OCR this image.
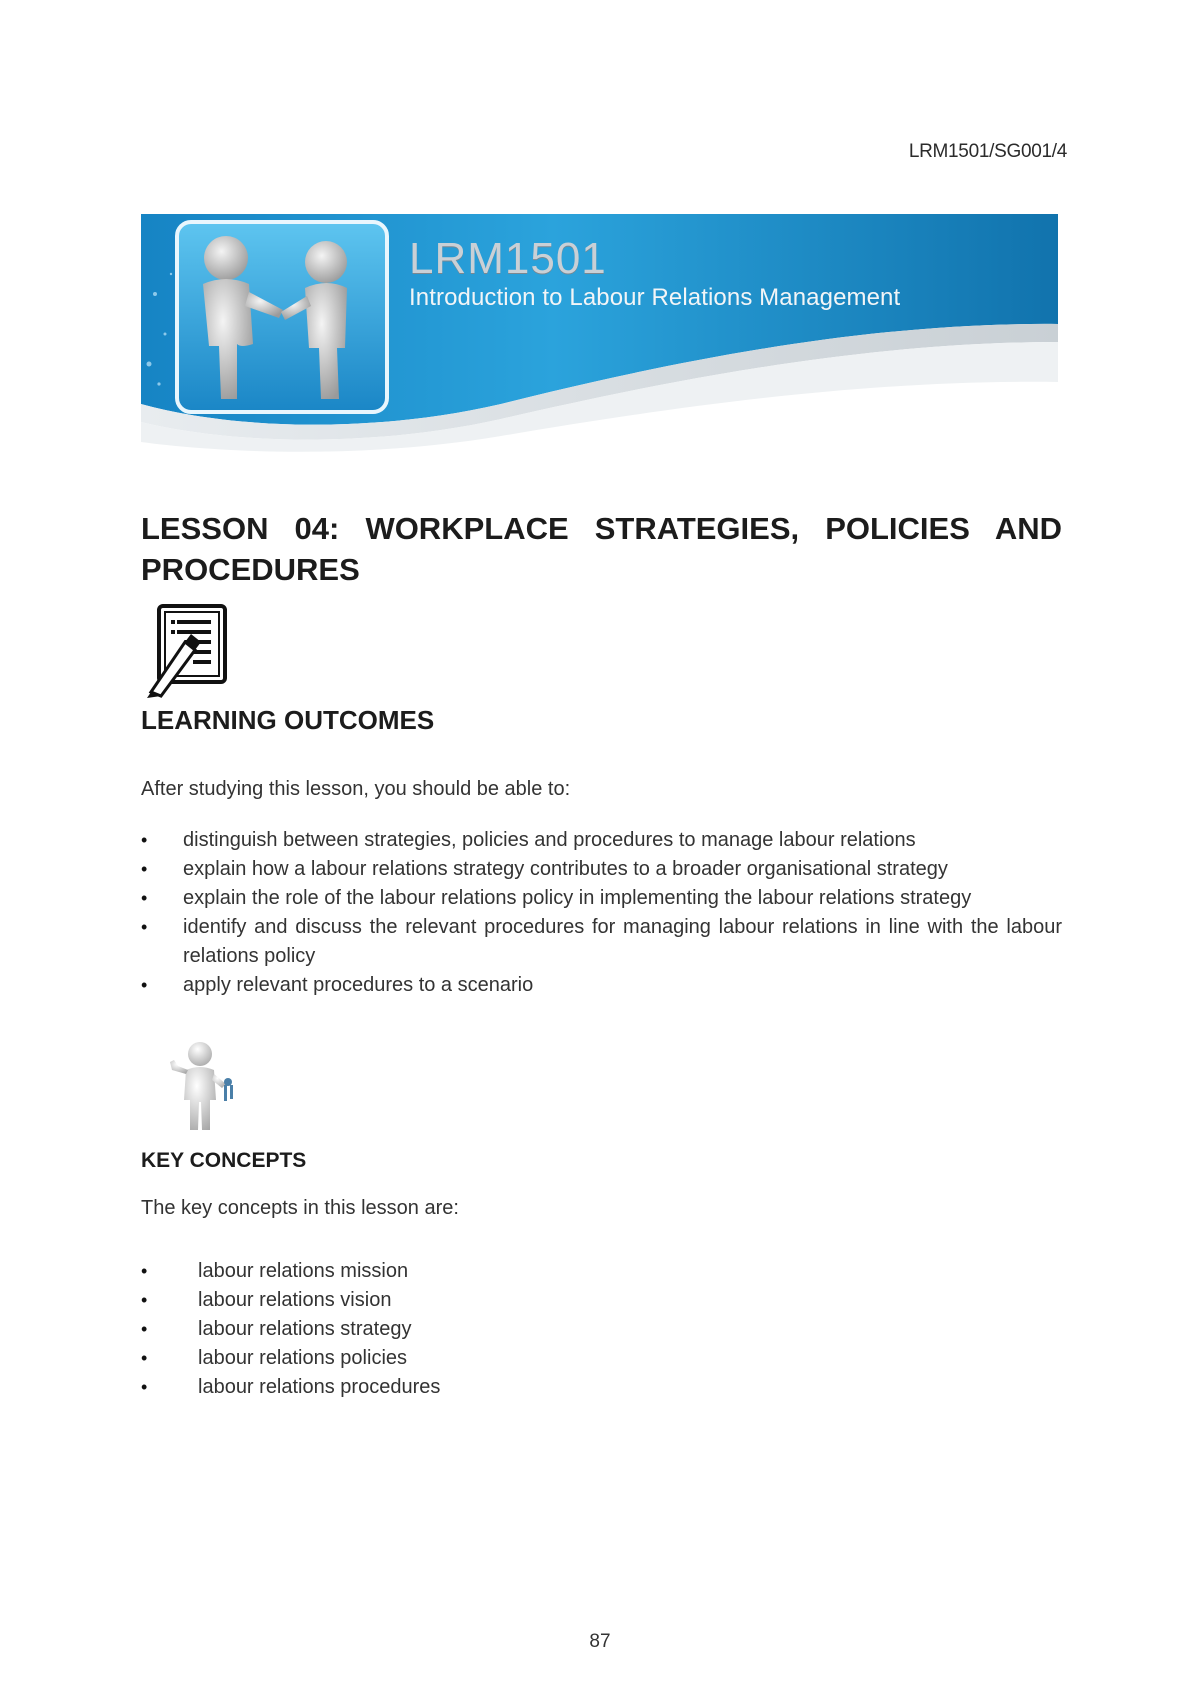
LRM1501/SG001/4
LRM1501
Introduction to Labour Relations Management
LESSON 04: WORKPLACE STRATEGIES, POLICIES AND PROCEDURES
LEARNING OUTCOMES

After studying this lesson, you should be able to:

• distinguish between strategies, policies and procedures to manage labour relations
• explain how a labour relations strategy contributes to a broader organisational strategy
• explain the role of the labour relations policy in implementing the labour relations strategy
• identify and discuss the relevant procedures for managing labour relations in line with the labour relations policy
• apply relevant procedures to a scenario
KEY CONCEPTS

The key concepts in this lesson are:

• labour relations mission
• labour relations vision
• labour relations strategy
• labour relations policies
• labour relations procedures
87
